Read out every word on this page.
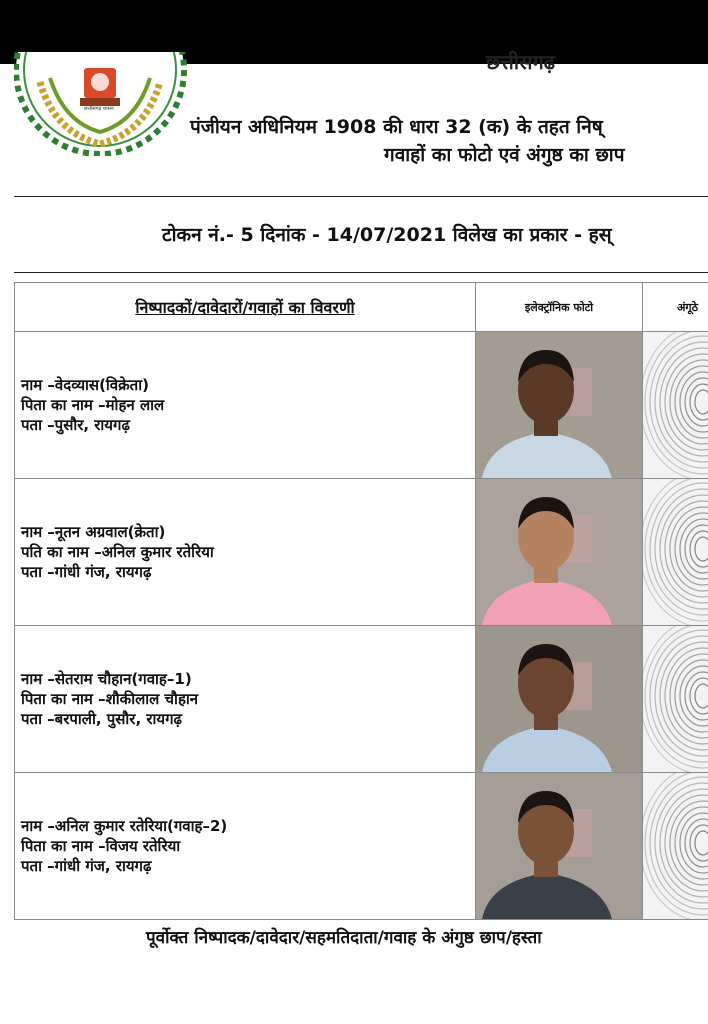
छत्तीसगढ़ शासन
छत्तीसगढ़
पंजीयन अधिनियम 1908 की धारा 32 (क) के तहत निष्
गवाहों का फोटो एवं अंगुष्ठ का छाप
टोकन नं.- 5 दिनांक - 14/07/2021 विलेख का प्रकार - हस्
निष्पादकों/दावेदारों/गवाहों का विवरणी	इलेक्ट्रॉनिक फोटो	अंगूठे

नाम –वेदव्यास(विक्रेता)
पिता का नाम –मोहन लाल
पता –पुसौर, रायगढ़

नाम –नूतन अग्रवाल(क्रेता)
पति का नाम –अनिल कुमार रतेरिया
पता –गांधी गंज, रायगढ़

नाम –सेतराम चौहान(गवाह–1)
पिता का नाम –शौकीलाल चौहान
पता –बरपाली, पुसौर, रायगढ़

नाम –अनिल कुमार रतेरिया(गवाह–2)
पिता का नाम –विजय रतेरिया
पता –गांधी गंज, रायगढ़

पूर्वोक्त निष्पादक/दावेदार/सहमतिदाता/गवाह के अंगुष्ठ छाप/हस्ता
